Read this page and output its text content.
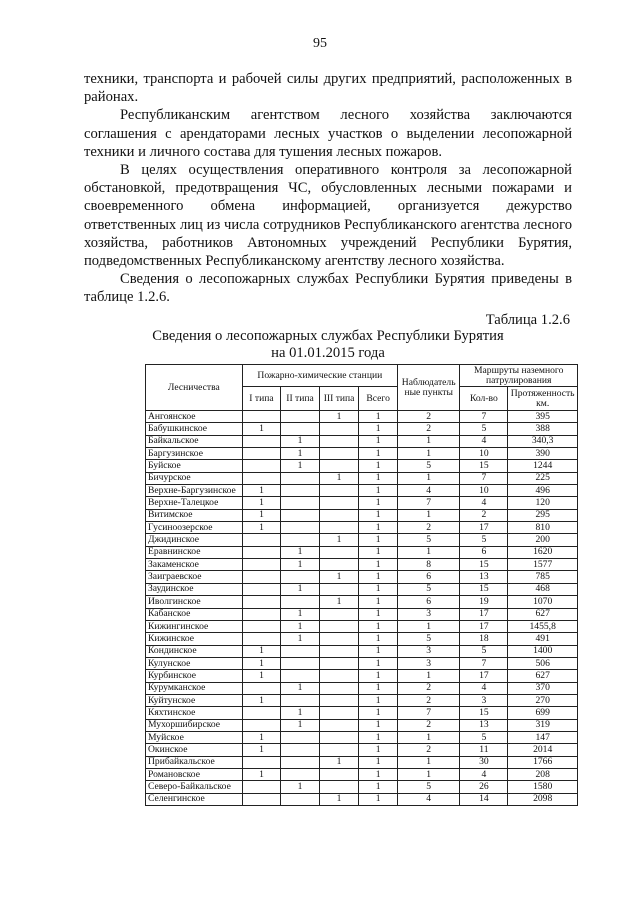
95

техники, транспорта и рабочей силы других предприятий, расположенных в районах.

Республиканским агентством лесного хозяйства заключаются соглашения с арендаторами лесных участков о выделении лесопожарной техники и личного состава для тушения лесных пожаров.

В целях осуществления оперативного контроля за лесопожарной обстановкой, предотвращения ЧС, обусловленных лесными пожарами и своевременного обмена информацией, организуется дежурство ответственных лиц из числа сотрудников Республиканского агентства лесного хозяйства, работников Автономных учреждений Республики Бурятия, подведомственных Республиканскому агентству лесного хозяйства.

Сведения о лесопожарных службах Республики Бурятия приведены в таблице 1.2.6.

Таблица 1.2.6
Сведения о лесопожарных службах Республики Бурятия
на 01.01.2015 года
Лесничества	Пожарно-химические станции				Наблюдатель ные пункты	Маршруты наземного патрулирования	
	I типа	II типа	III типа	Всего		Кол-во	Протяженность км.
Ангоянское			1	1	2	7	395
Бабушкинское	1			1	2	5	388
Байкальское		1		1	1	4	340,3
Баргузинское		1		1	1	10	390
Буйское		1		1	5	15	1244
Бичурское			1	1	1	7	225
Верхне-Баргузинское	1			1	4	10	496
Верхне-Талецкое	1			1	7	4	120
Витимское	1			1	1	2	295
Гусиноозерское	1			1	2	17	810
Джидинское			1	1	5	5	200
Еравнинское		1		1	1	6	1620
Закаменское		1		1	8	15	1577
Заиграевское			1	1	6	13	785
Заудинское		1		1	5	15	468
Иволгинское			1	1	6	19	1070
Кабанское		1		1	3	17	627
Кижингинское		1		1	1	17	1455,8
Кижинское		1		1	5	18	491
Кондинское	1			1	3	5	1400
Кулунское	1			1	3	7	506
Курбинское	1			1	1	17	627
Курумканское		1		1	2	4	370
Куйтунское	1			1	2	3	270
Кяхтинское		1		1	7	15	699
Мухоршибирское		1		1	2	13	319
Муйское	1			1	1	5	147
Окинское	1			1	2	11	2014
Прибайкальское			1	1	1	30	1766
Романовское	1			1	1	4	208
Северо-Байкальское		1		1	5	26	1580
Селенгинское			1	1	4	14	2098
